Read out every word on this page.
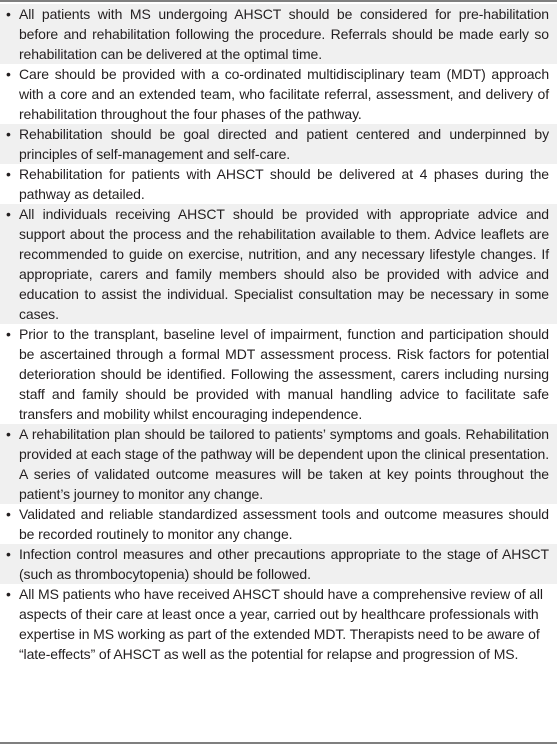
• All patients with MS undergoing AHSCT should be considered for pre-habilitation before and rehabilitation following the procedure. Referrals should be made early so rehabilitation can be delivered at the optimal time.
• Care should be provided with a co-ordinated multidisciplinary team (MDT) approach with a core and an extended team, who facilitate referral, assessment, and delivery of rehabilitation throughout the four phases of the pathway.
• Rehabilitation should be goal directed and patient centered and underpinned by principles of self-management and self-care.
• Rehabilitation for patients with AHSCT should be delivered at 4 phases during the pathway as detailed.
• All individuals receiving AHSCT should be provided with appropriate advice and support about the process and the rehabilitation available to them. Advice leaflets are recommended to guide on exercise, nutrition, and any necessary lifestyle changes. If appropriate, carers and family members should also be provided with advice and education to assist the individual. Specialist consultation may be necessary in some cases.
• Prior to the transplant, baseline level of impairment, function and participation should be ascertained through a formal MDT assessment process. Risk factors for potential deterioration should be identified. Following the assessment, carers including nursing staff and family should be provided with manual handling advice to facilitate safe transfers and mobility whilst encouraging independence.
• A rehabilitation plan should be tailored to patients’ symptoms and goals. Rehabilitation provided at each stage of the pathway will be dependent upon the clinical presentation. A series of validated outcome measures will be taken at key points throughout the patient’s journey to monitor any change.
• Validated and reliable standardized assessment tools and outcome measures should be recorded routinely to monitor any change.
• Infection control measures and other precautions appropriate to the stage of AHSCT (such as thrombocytopenia) should be followed.
• All MS patients who have received AHSCT should have a comprehensive review of all aspects of their care at least once a year, carried out by healthcare professionals with expertise in MS working as part of the extended MDT. Therapists need to be aware of “late-effects” of AHSCT as well as the potential for relapse and progression of MS.
